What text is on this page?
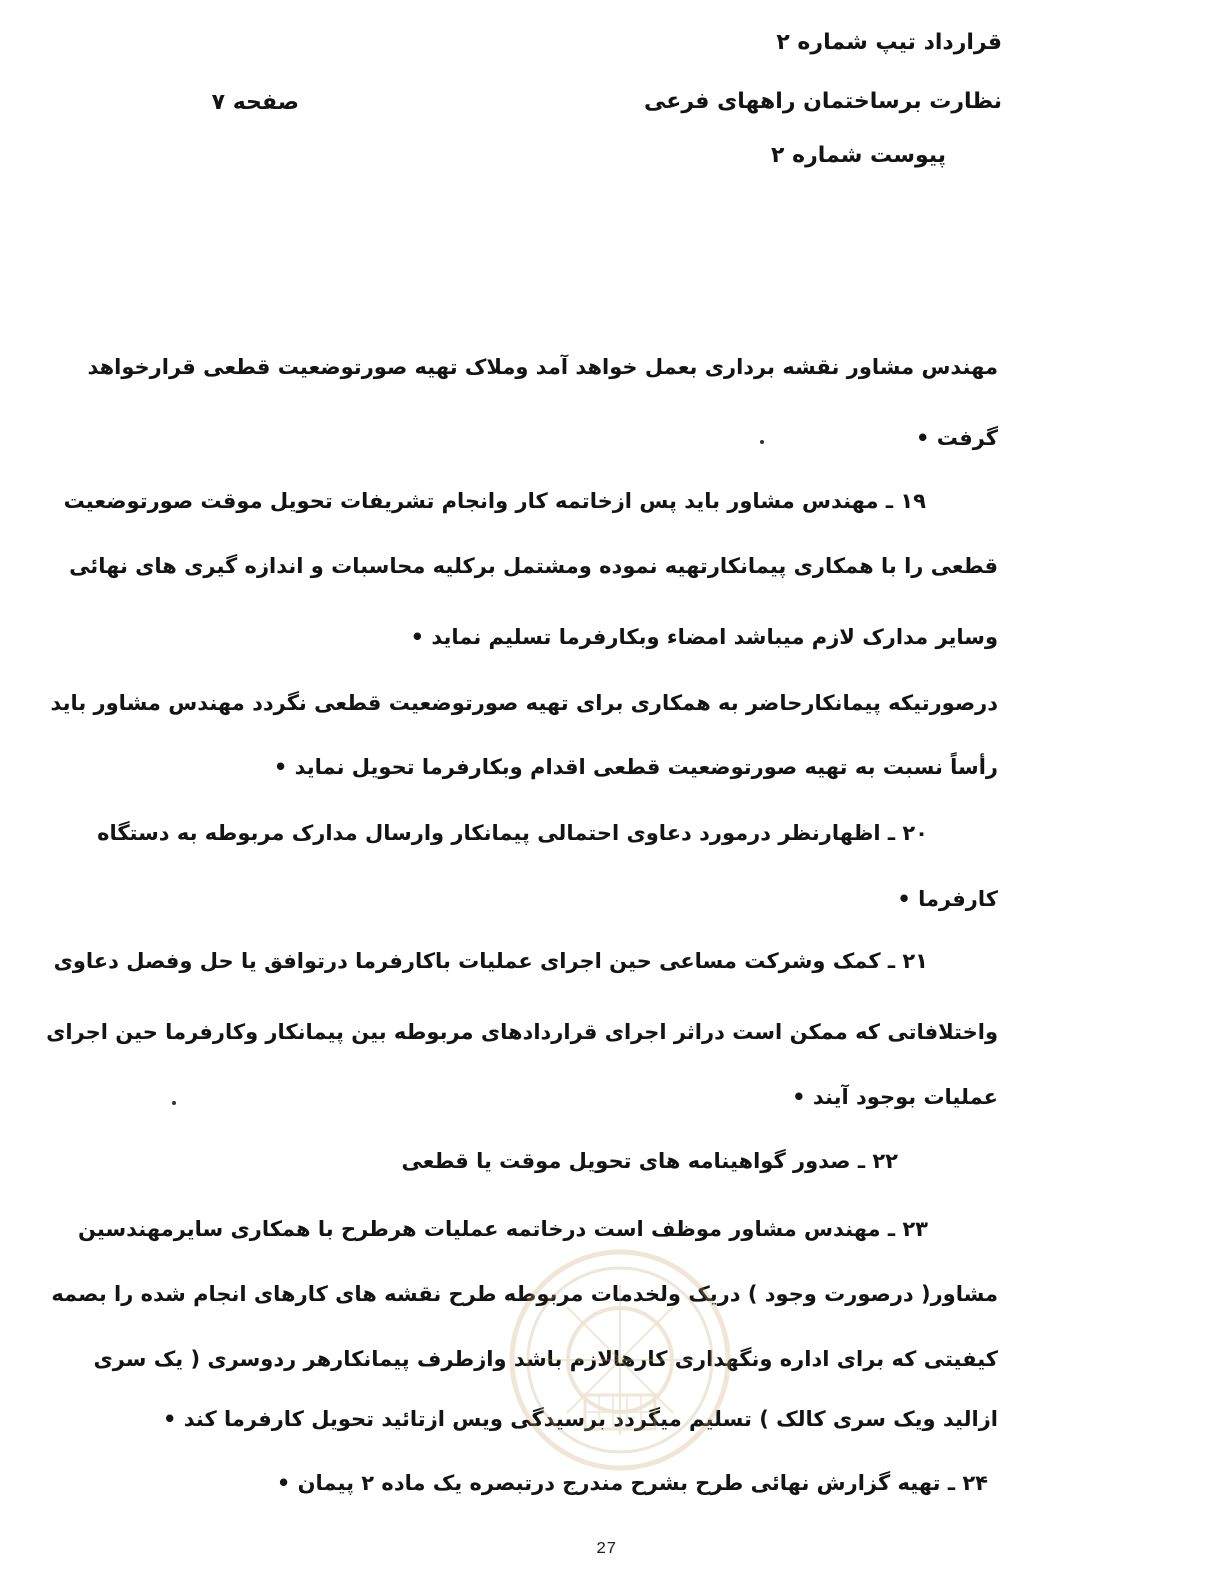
قرارداد تیپ شماره ۲
نظارت برساختمان راههای فرعی
پیوست شماره ۲
صفحه ۷
مهندس مشاور نقشه برداری بعمل خواهد آمد وملاک تهیه صورتوضعیت قطعی قرارخواهد
گرفت •
۱۹ ـ مهندس مشاور باید پس ازخاتمه کار وانجام تشریفات تحویل موقت صورتوضعیت
قطعی را با همکاری پیمانکارتهیه نموده ومشتمل برکلیه محاسبات و اندازه گیری های نهائی
وسایر مدارک لازم میباشد امضاء وبکارفرما تسلیم نماید •
درصورتیکه پیمانکارحاضر به همکاری برای تهیه صورتوضعیت قطعی نگردد مهندس مشاور باید
رأساً نسبت به تهیه صورتوضعیت قطعی اقدام وبکارفرما تحویل نماید •
۲۰ ـ اظهارنظر درمورد دعاوی احتمالی پیمانکار وارسال مدارک مربوطه به دستگاه
کارفرما •
۲۱ ـ کمک وشرکت مساعی حین اجرای عملیات باکارفرما درتوافق یا حل وفصل دعاوی
واختلافاتی که ممکن است دراثر اجرای قراردادهای مربوطه بین پیمانکار وکارفرما حین اجرای
عملیات بوجود آیند •
۲۲ ـ صدور گواهینامه های تحویل موقت یا قطعی
۲۳ ـ مهندس مشاور موظف است درخاتمه عملیات هرطرح با همکاری سایرمهندسین
مشاور( درصورت وجود ) دریک ولخدمات مربوطه طرح نقشه های کارهای انجام شده را بصمه
کیفیتی که برای اداره ونگهداری کارهالازم باشد وازطرف پیمانکارهر ردوسری ( یک سری
ازالید ویک سری کالک ) تسلیم میگردد برسیدگی ویس ازتائید تحویل کارفرما کند •
۲۴ ـ تهیه گزارش نهائی طرح بشرح مندرج درتبصره یک ماده ۲ پیمان •
27
